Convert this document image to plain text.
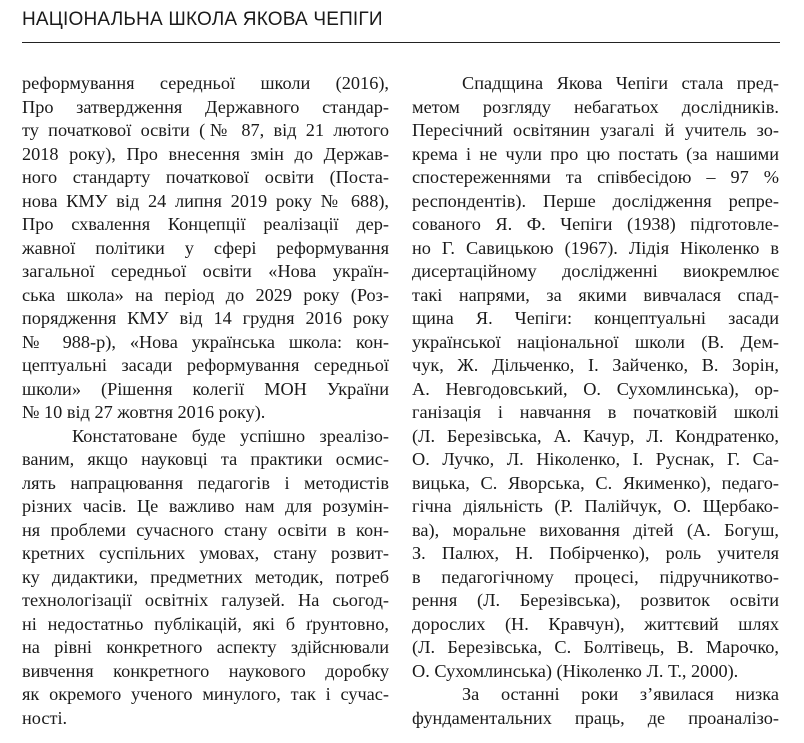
НАЦІОНАЛЬНА ШКОЛА ЯКОВА ЧЕПІГИ
реформування середньої школи (2016),
Про затвердження Державного стандар-
ту початкової освіти (№ 87, від 21 лютого
2018 року), Про внесення змін до Держав-
ного стандарту початкової освіти (Поста-
нова КМУ від 24 липня 2019 року № 688),
Про схвалення Концепції реалізації дер-
жавної політики у сфері реформування
загальної середньої освіти «Нова україн-
ська школа» на період до 2029 року (Роз-
порядження КМУ від 14 грудня 2016 року
№ 988-р), «Нова українська школа: кон-
цептуальні засади реформування середньої
школи» (Рішення колегії МОН України
№ 10 від 27 жовтня 2016 року).
Констатоване буде успішно зреалізо-
ваним, якщо науковці та практики осмис-
лять напрацювання педагогів і методистів
різних часів. Це важливо нам для розумін-
ня проблеми сучасного стану освіти в кон-
кретних суспільних умовах, стану розвит-
ку дидактики, предметних методик, потреб
технологізації освітніх галузей. На сьогод-
ні недостатньо публікацій, які б ґрунтовно,
на рівні конкретного аспекту здійснювали
вивчення конкретного наукового доробку
як окремого ученого минулого, так і сучас-
ності.
Спадщина Якова Чепіги стала пред-
метом розгляду небагатьох дослідників.
Пересічний освітянин узагалі й учитель зо-
крема і не чули про цю постать (за нашими
спостереженнями та співбесідою – 97 %
респондентів). Перше дослідження репре-
сованого Я. Ф. Чепіги (1938) підготовле-
но Г. Савицькою (1967). Лідія Ніколенко в
дисертаційному дослідженні виокремлює
такі напрями, за якими вивчалася спад-
щина Я. Чепіги: концептуальні засади
української національної школи (В. Дем-
чук, Ж. Дільченко, І. Зайченко, В. Зорін,
А. Невгодовський, О. Сухомлинська), ор-
ганізація і навчання в початковій школі
(Л. Березівська, А. Качур, Л. Кондратенко,
О. Лучко, Л. Ніколенко, І. Руснак, Г. Са-
вицька, С. Яворська, С. Якименко), педаго-
гічна діяльність (Р. Палійчук, О. Щербако-
ва), моральне виховання дітей (А. Богуш,
З. Палюх, Н. Побірченко), роль учителя
в педагогічному процесі, підручникотво-
рення (Л. Березівська), розвиток освіти
дорослих (Н. Кравчун), життєвий шлях
(Л. Березівська, С. Болтівець, В. Марочко,
О. Сухомлинська) (Ніколенко Л. Т., 2000).
За останні роки з’явилася низка
фундаментальних праць, де проаналізо-
